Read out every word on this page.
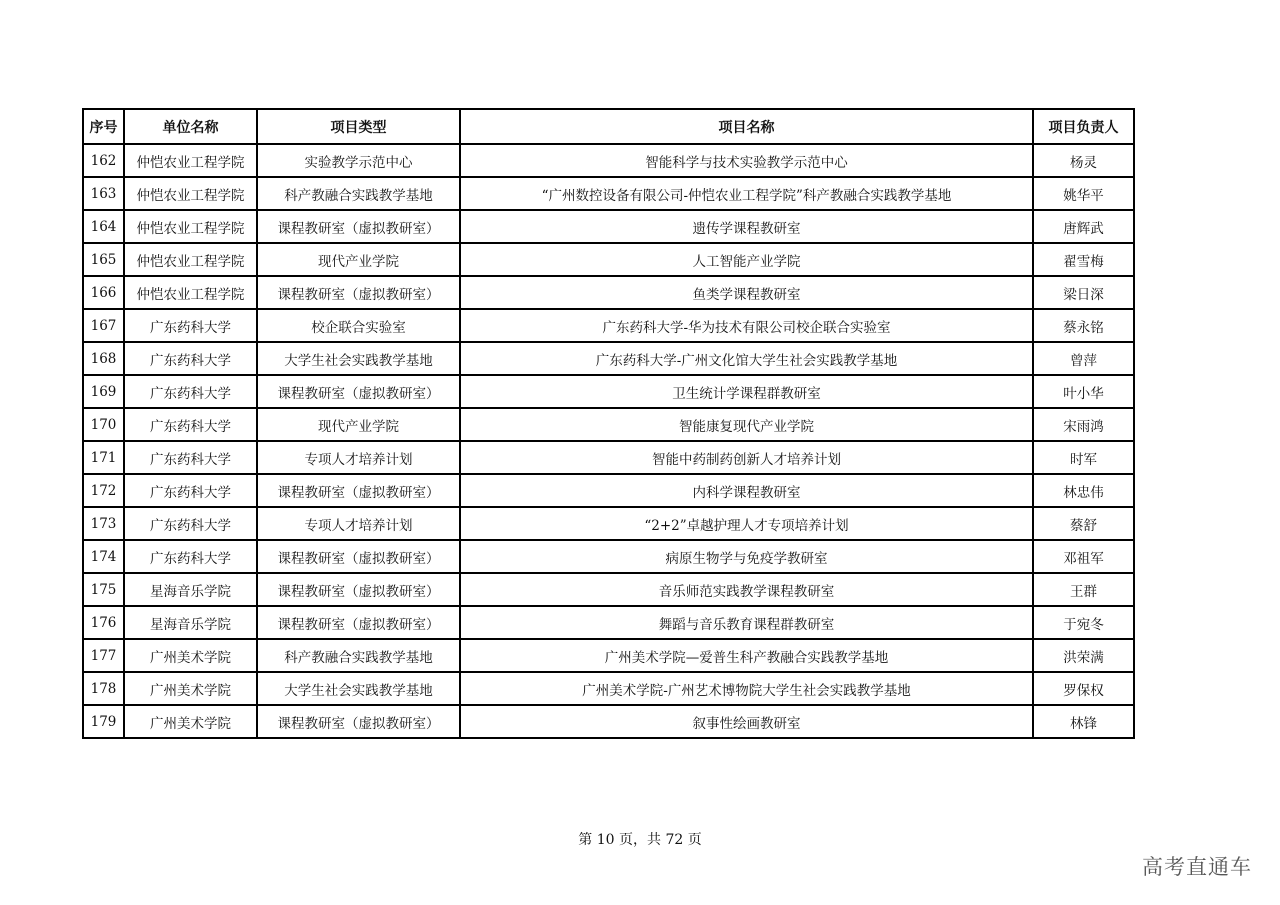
序号	单位名称	项目类型	项目名称	项目负责人
162	仲恺农业工程学院	实验教学示范中心	智能科学与技术实验教学示范中心	杨灵
163	仲恺农业工程学院	科产教融合实践教学基地	“广州数控设备有限公司-仲恺农业工程学院”科产教融合实践教学基地	姚华平
164	仲恺农业工程学院	课程教研室（虚拟教研室）	遗传学课程教研室	唐辉武
165	仲恺农业工程学院	现代产业学院	人工智能产业学院	翟雪梅
166	仲恺农业工程学院	课程教研室（虚拟教研室）	鱼类学课程教研室	梁日深
167	广东药科大学	校企联合实验室	广东药科大学-华为技术有限公司校企联合实验室	蔡永铭
168	广东药科大学	大学生社会实践教学基地	广东药科大学-广州文化馆大学生社会实践教学基地	曾萍
169	广东药科大学	课程教研室（虚拟教研室）	卫生统计学课程群教研室	叶小华
170	广东药科大学	现代产业学院	智能康复现代产业学院	宋雨鸿
171	广东药科大学	专项人才培养计划	智能中药制药创新人才培养计划	时军
172	广东药科大学	课程教研室（虚拟教研室）	内科学课程教研室	林忠伟
173	广东药科大学	专项人才培养计划	“2+2”卓越护理人才专项培养计划	蔡舒
174	广东药科大学	课程教研室（虚拟教研室）	病原生物学与免疫学教研室	邓祖军
175	星海音乐学院	课程教研室（虚拟教研室）	音乐师范实践教学课程教研室	王群
176	星海音乐学院	课程教研室（虚拟教研室）	舞蹈与音乐教育课程群教研室	于宛冬
177	广州美术学院	科产教融合实践教学基地	广州美术学院—爱普生科产教融合实践教学基地	洪荣满
178	广州美术学院	大学生社会实践教学基地	广州美术学院-广州艺术博物院大学生社会实践教学基地	罗保权
179	广州美术学院	课程教研室（虚拟教研室）	叙事性绘画教研室	林锋
第 10 页，共 72 页
高考直通车
